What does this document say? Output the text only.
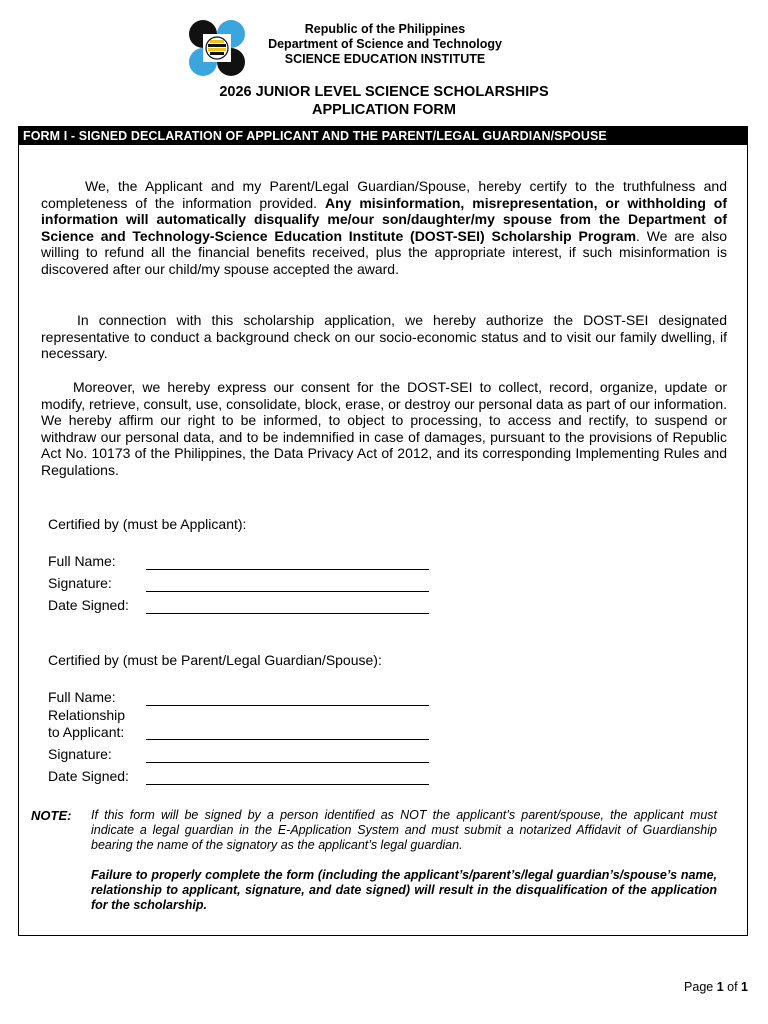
Republic of the Philippines
Department of Science and Technology
SCIENCE EDUCATION INSTITUTE
2026 JUNIOR LEVEL SCIENCE SCHOLARSHIPS
APPLICATION FORM
FORM I - SIGNED DECLARATION OF APPLICANT AND THE PARENT/LEGAL GUARDIAN/SPOUSE

We, the Applicant and my Parent/Legal Guardian/Spouse, hereby certify to the truthfulness and completeness of the information provided. Any misinformation, misrepresentation, or withholding of information will automatically disqualify me/our son/daughter/my spouse from the Department of Science and Technology-Science Education Institute (DOST-SEI) Scholarship Program. We are also willing to refund all the financial benefits received, plus the appropriate interest, if such misinformation is discovered after our child/my spouse accepted the award.

In connection with this scholarship application, we hereby authorize the DOST-SEI designated representative to conduct a background check on our socio-economic status and to visit our family dwelling, if necessary.

Moreover, we hereby express our consent for the DOST-SEI to collect, record, organize, update or modify, retrieve, consult, use, consolidate, block, erase, or destroy our personal data as part of our information. We hereby affirm our right to be informed, to object to processing, to access and rectify, to suspend or withdraw our personal data, and to be indemnified in case of damages, pursuant to the provisions of Republic Act No. 10173 of the Philippines, the Data Privacy Act of 2012, and its corresponding Implementing Rules and Regulations.

Certified by (must be Applicant):
Full Name:
Signature:
Date Signed:
Certified by (must be Parent/Legal Guardian/Spouse):
Full Name:
Relationship
to Applicant:
Signature:
Date Signed:
NOTE: If this form will be signed by a person identified as NOT the applicant’s parent/spouse, the applicant must indicate a legal guardian in the E-Application System and must submit a notarized Affidavit of Guardianship bearing the name of the signatory as the applicant’s legal guardian.
Failure to properly complete the form (including the applicant’s/parent’s/legal guardian’s/spouse’s name, relationship to applicant, signature, and date signed) will result in the disqualification of the application for the scholarship.
Page 1 of 1
